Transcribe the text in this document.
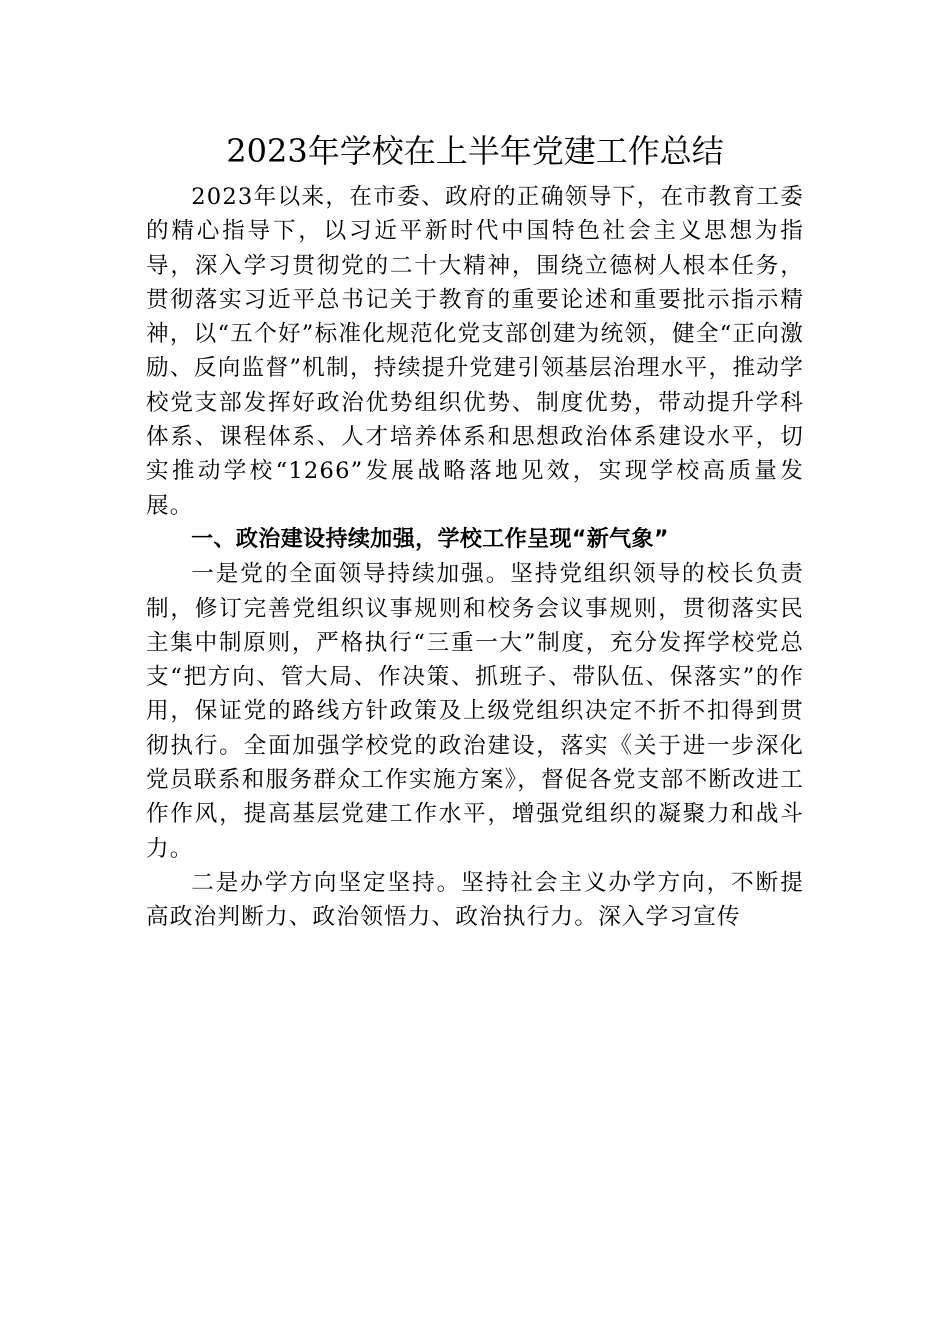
2023年学校在上半年党建工作总结

2023年以来，在市委、政府的正确领导下，在市教育工委的精心指导下，以习近平新时代中国特色社会主义思想为指导，深入学习贯彻党的二十大精神，围绕立德树人根本任务，贯彻落实习近平总书记关于教育的重要论述和重要批示指示精神，以“五个好”标准化规范化党支部创建为统领，健全“正向激励、反向监督”机制，持续提升党建引领基层治理水平，推动学校党支部发挥好政治优势组织优势、制度优势，带动提升学科体系、课程体系、人才培养体系和思想政治体系建设水平，切实推动学校“1266”发展战略落地见效，实现学校高质量发展。

一、政治建设持续加强，学校工作呈现“新气象”

一是党的全面领导持续加强。坚持党组织领导的校长负责制，修订完善党组织议事规则和校务会议事规则，贯彻落实民主集中制原则，严格执行“三重一大”制度，充分发挥学校党总支“把方向、管大局、作决策、抓班子、带队伍、保落实”的作用，保证党的路线方针政策及上级党组织决定不折不扣得到贯彻执行。全面加强学校党的政治建设，落实《关于进一步深化党员联系和服务群众工作实施方案》，督促各党支部不断改进工作作风，提高基层党建工作水平，增强党组织的凝聚力和战斗力。

二是办学方向坚定坚持。坚持社会主义办学方向，不断提高政治判断力、政治领悟力、政治执行力。深入学习宣传
